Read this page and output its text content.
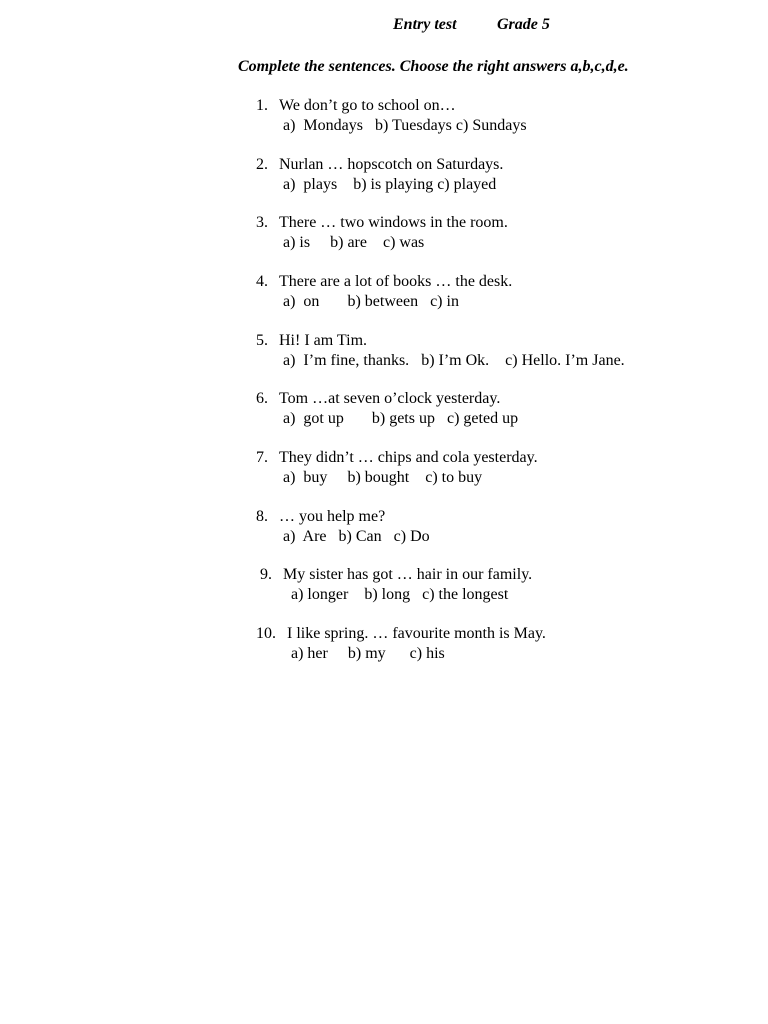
Entry test	Grade 5
Complete the sentences. Choose the right answers a,b,c,d,e.
1. We don’t go to school on…
a)  Mondays   b) Tuesdays c) Sundays
2. Nurlan … hopscotch on Saturdays.
a)  plays    b) is playing c) played
3. There … two windows in the room.
a) is     b) are    c) was
4. There are a lot of books … the desk.
a)  on       b) between   c) in
5. Hi! I am Tim.
a)  I’m fine, thanks.   b) I’m Ok.    c) Hello. I’m Jane.
6. Tom …at seven o’clock yesterday.
a)  got up       b) gets up   c) geted up
7. They didn’t … chips and cola yesterday.
a)  buy     b) bought    c) to buy
8. … you help me?
a)  Are   b) Can   c) Do
9. My sister has got … hair in our family.
a) longer    b) long   c) the longest
10. I like spring. … favourite month is May.
a) her     b) my      c) his
